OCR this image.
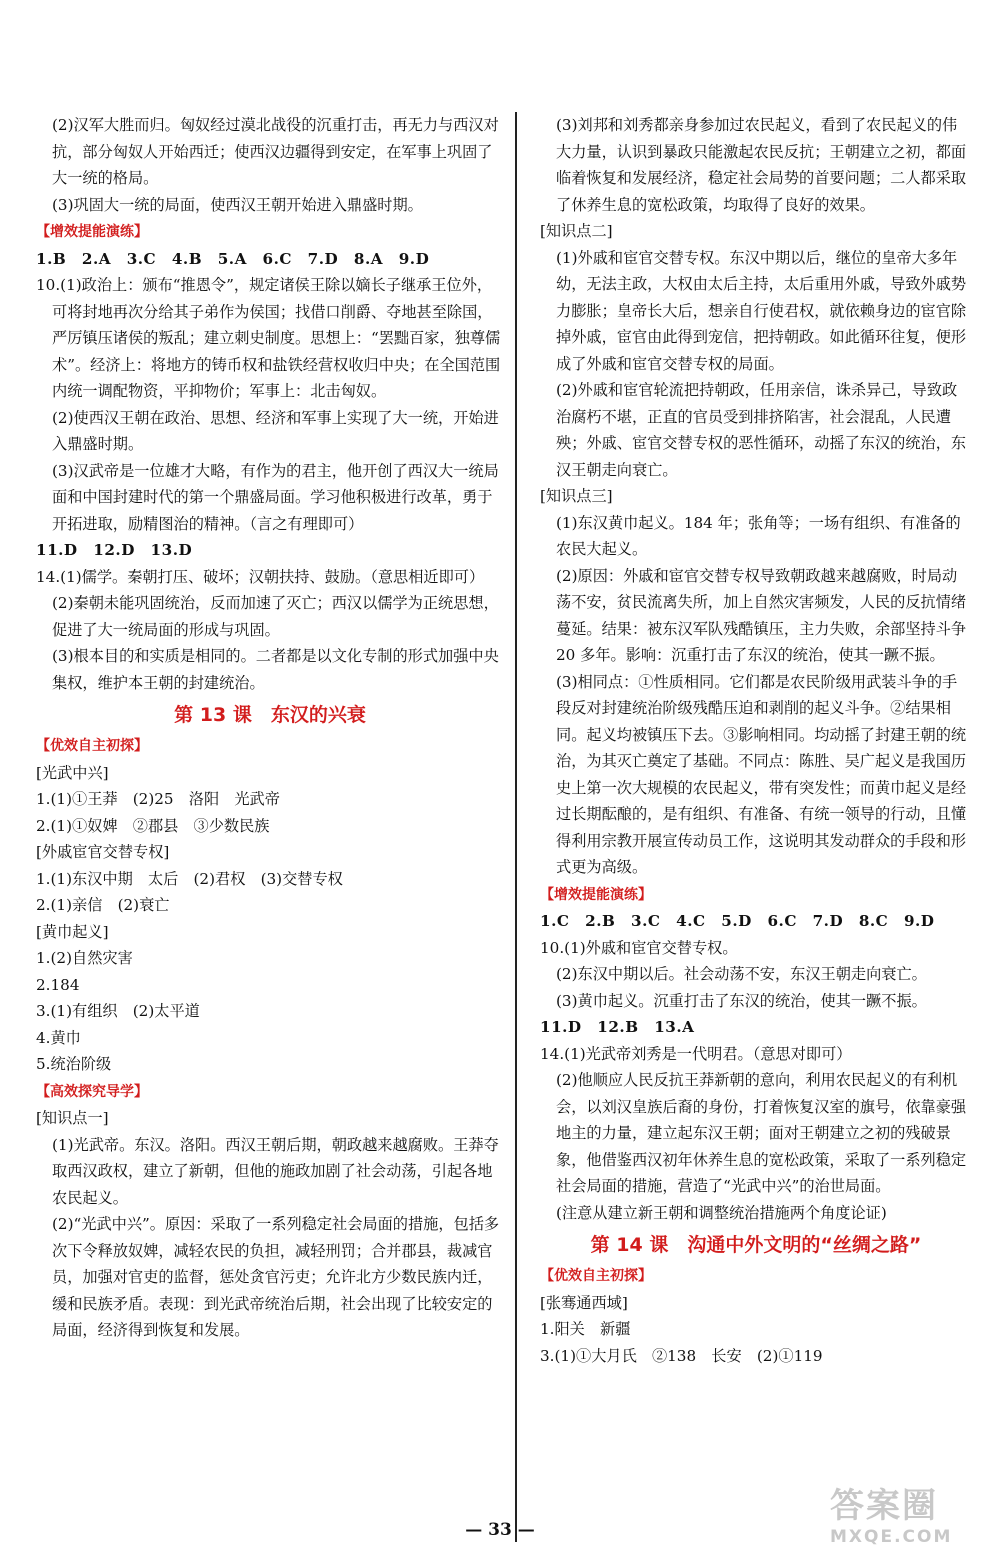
(2)汉军大胜而归。匈奴经过漠北战役的沉重打击，再无力与西汉对抗，部分匈奴人开始西迁；使西汉边疆得到安定，在军事上巩固了大一统的格局。

(3)巩固大一统的局面，使西汉王朝开始进入鼎盛时期。

【增效提能演练】

1.B　2.A　3.C　4.B　5.A　6.C　7.D　8.A　9.D

10.(1)政治上：颁布“推恩令”，规定诸侯王除以嫡长子继承王位外，可将封地再次分给其子弟作为侯国；找借口削爵、夺地甚至除国，严厉镇压诸侯的叛乱；建立刺史制度。思想上：“罢黜百家，独尊儒术”。经济上：将地方的铸币权和盐铁经营权收归中央；在全国范围内统一调配物资，平抑物价；军事上：北击匈奴。

(2)使西汉王朝在政治、思想、经济和军事上实现了大一统，开始进入鼎盛时期。

(3)汉武帝是一位雄才大略，有作为的君主，他开创了西汉大一统局面和中国封建时代的第一个鼎盛局面。学习他积极进行改革，勇于开拓进取，励精图治的精神。（言之有理即可）

11.D　12.D　13.D

14.(1)儒学。秦朝打压、破坏；汉朝扶持、鼓励。（意思相近即可）

(2)秦朝未能巩固统治，反而加速了灭亡；西汉以儒学为正统思想，促进了大一统局面的形成与巩固。

(3)根本目的和实质是相同的。二者都是以文化专制的形式加强中央集权，维护本王朝的封建统治。

第 13 课　东汉的兴衰

【优效自主初探】

[光武中兴]

1.(1)①王莽　(2)25　洛阳　光武帝

2.(1)①奴婢　②郡县　③少数民族

[外戚宦官交替专权]

1.(1)东汉中期　太后　(2)君权　(3)交替专权

2.(1)亲信　(2)衰亡

[黄巾起义]

1.(2)自然灾害

2.184

3.(1)有组织　(2)太平道

4.黄巾

5.统治阶级

【高效探究导学】

[知识点一]

(1)光武帝。东汉。洛阳。西汉王朝后期，朝政越来越腐败。王莽夺取西汉政权，建立了新朝，但他的施政加剧了社会动荡，引起各地农民起义。

(2)“光武中兴”。原因：采取了一系列稳定社会局面的措施，包括多次下令释放奴婢，减轻农民的负担，减轻刑罚；合并郡县，裁减官员，加强对官吏的监督，惩处贪官污吏；允许北方少数民族内迁，缓和民族矛盾。表现：到光武帝统治后期，社会出现了比较安定的局面，经济得到恢复和发展。

(3)刘邦和刘秀都亲身参加过农民起义，看到了农民起义的伟大力量，认识到暴政只能激起农民反抗；王朝建立之初，都面临着恢复和发展经济，稳定社会局势的首要问题；二人都采取了休养生息的宽松政策，均取得了良好的效果。

[知识点二]

(1)外戚和宦官交替专权。东汉中期以后，继位的皇帝大多年幼，无法主政，大权由太后主持，太后重用外戚，导致外戚势力膨胀；皇帝长大后，想亲自行使君权，就依赖身边的宦官除掉外戚，宦官由此得到宠信，把持朝政。如此循环往复，便形成了外戚和宦官交替专权的局面。

(2)外戚和宦官轮流把持朝政，任用亲信，诛杀异己，导致政治腐朽不堪，正直的官员受到排挤陷害，社会混乱，人民遭殃；外戚、宦官交替专权的恶性循环，动摇了东汉的统治，东汉王朝走向衰亡。

[知识点三]

(1)东汉黄巾起义。184 年；张角等；一场有组织、有准备的农民大起义。

(2)原因：外戚和宦官交替专权导致朝政越来越腐败，时局动荡不安，贫民流离失所，加上自然灾害频发，人民的反抗情绪蔓延。结果：被东汉军队残酷镇压，主力失败，余部坚持斗争 20 多年。影响：沉重打击了东汉的统治，使其一蹶不振。

(3)相同点：①性质相同。它们都是农民阶级用武装斗争的手段反对封建统治阶级残酷压迫和剥削的起义斗争。②结果相同。起义均被镇压下去。③影响相同。均动摇了封建王朝的统治，为其灭亡奠定了基础。不同点：陈胜、吴广起义是我国历史上第一次大规模的农民起义，带有突发性；而黄巾起义是经过长期酝酿的，是有组织、有准备、有统一领导的行动，且懂得利用宗教开展宣传动员工作，这说明其发动群众的手段和形式更为高级。

【增效提能演练】

1.C　2.B　3.C　4.C　5.D　6.C　7.D　8.C　9.D

10.(1)外戚和宦官交替专权。

(2)东汉中期以后。社会动荡不安，东汉王朝走向衰亡。

(3)黄巾起义。沉重打击了东汉的统治，使其一蹶不振。

11.D　12.B　13.A

14.(1)光武帝刘秀是一代明君。（意思对即可）

(2)他顺应人民反抗王莽新朝的意向，利用农民起义的有利机会，以刘汉皇族后裔的身份，打着恢复汉室的旗号，依靠豪强地主的力量，建立起东汉王朝；面对王朝建立之初的残破景象，他借鉴西汉初年休养生息的宽松政策，采取了一系列稳定社会局面的措施，营造了“光武中兴”的治世局面。

(注意从建立新王朝和调整统治措施两个角度论证)

第 14 课　沟通中外文明的“丝绸之路”

【优效自主初探】

[张骞通西域]

1.阳关　新疆

3.(1)①大月氏　②138　长安　(2)①119

— 33 —
答案圈
MXQE.COM
